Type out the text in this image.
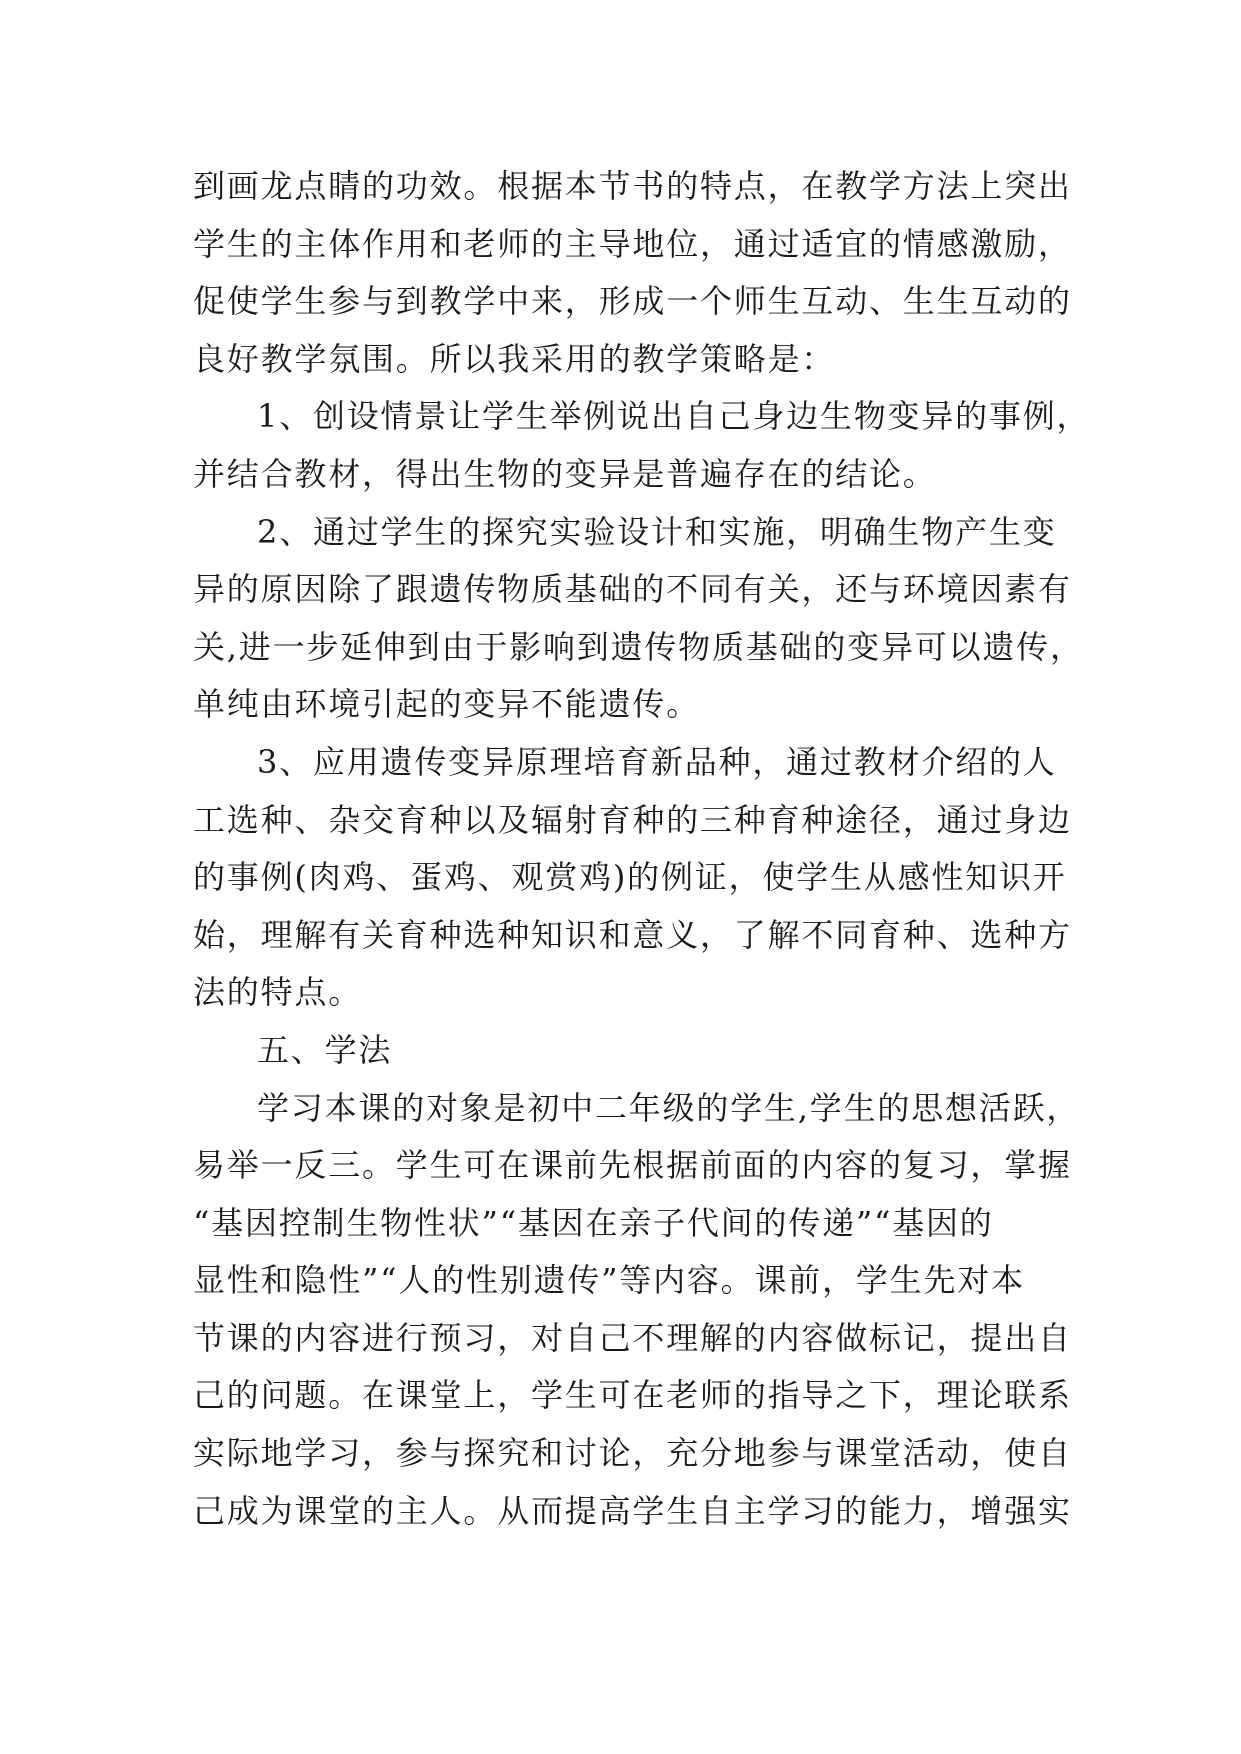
到画龙点睛的功效。根据本节书的特点，在教学方法上突出
学生的主体作用和老师的主导地位，通过适宜的情感激励，
促使学生参与到教学中来，形成一个师生互动、生生互动的
良好教学氛围。所以我采用的教学策略是：
1、创设情景让学生举例说出自己身边生物变异的事例，
并结合教材，得出生物的变异是普遍存在的结论。
2、通过学生的探究实验设计和实施，明确生物产生变
异的原因除了跟遗传物质基础的不同有关，还与环境因素有
关,进一步延伸到由于影响到遗传物质基础的变异可以遗传，
单纯由环境引起的变异不能遗传。
3、应用遗传变异原理培育新品种，通过教材介绍的人
工选种、杂交育种以及辐射育种的三种育种途径，通过身边
的事例(肉鸡、蛋鸡、观赏鸡)的例证，使学生从感性知识开
始，理解有关育种选种知识和意义，了解不同育种、选种方
法的特点。
五、学法
学习本课的对象是初中二年级的学生,学生的思想活跃，
易举一反三。学生可在课前先根据前面的内容的复习，掌握
“基因控制生物性状”“基因在亲子代间的传递”“基因的
显性和隐性”“人的性别遗传”等内容。课前，学生先对本
节课的内容进行预习，对自己不理解的内容做标记，提出自
己的问题。在课堂上，学生可在老师的指导之下，理论联系
实际地学习，参与探究和讨论，充分地参与课堂活动，使自
己成为课堂的主人。从而提高学生自主学习的能力，增强实
